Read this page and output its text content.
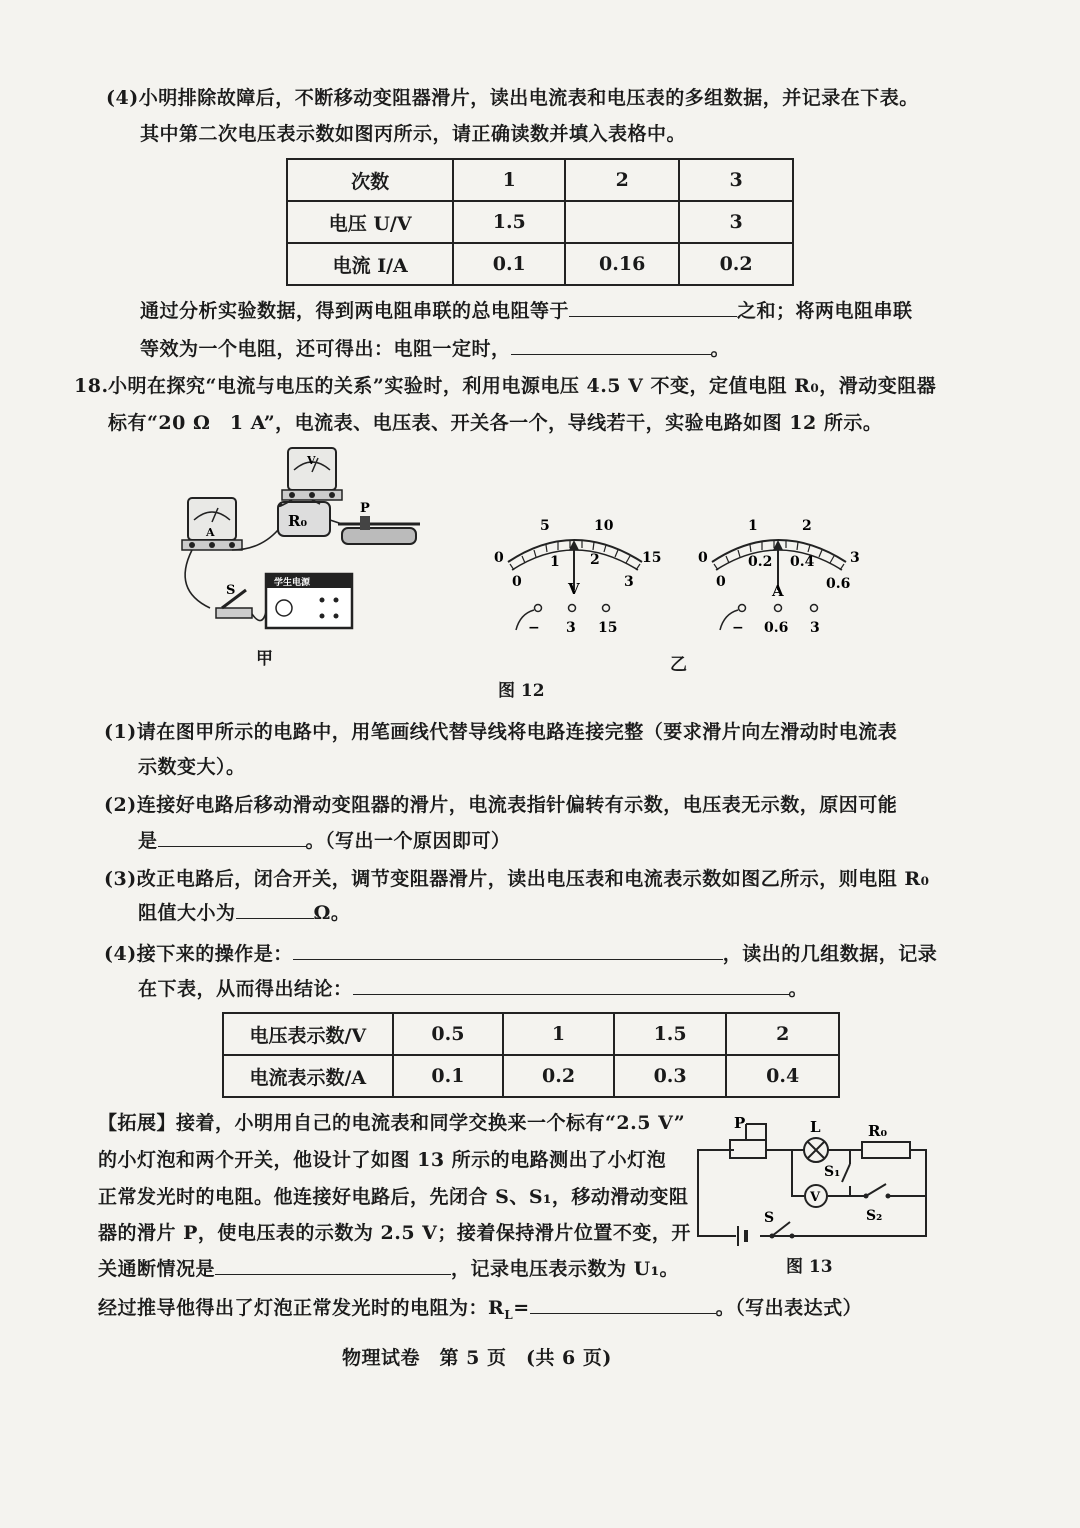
(4)小明排除故障后，不断移动变阻器滑片，读出电流表和电压表的多组数据，并记录在下表。
其中第二次电压表示数如图丙所示，请正确读数并填入表格中。
次数	1	2	3
电压 U/V	1.5		3
电流 I/A	0.1	0.16	0.2
通过分析实验数据，得到两电阻串联的总电阻等于	之和；将两电阻串联
等效为一个电阻，还可得出：电阻一定时，	。
18. 小明在探究“电流与电压的关系”实验时，利用电源电压 4.5 V 不变，定值电阻 R₀，滑动变阻器
标有“20 Ω　1 A”，电流表、电压表、开关各一个，导线若干，实验电路如图 12 所示。
A
V
R₀
P
学生电源
S
甲
0
5	10
15
0
1 2
3
V
− 3 15
0
1	2
3
0
0.2 0.4
0.6
A
− 0.6 3
乙
图 12
(1)请在图甲所示的电路中，用笔画线代替导线将电路连接完整（要求滑片向左滑动时电流表
示数变大）。
(2)连接好电路后移动滑动变阻器的滑片，电流表指针偏转有示数，电压表无示数，原因可能
是	。（写出一个原因即可）
(3)改正电路后，闭合开关，调节变阻器滑片，读出电压表和电流表示数如图乙所示，则电阻 R₀
阻值大小为	Ω。
(4)接下来的操作是：	，读出的几组数据，记录
在下表，从而得出结论：	。
电压表示数/V	0.5	1	1.5	2
电流表示数/A	0.1	0.2	0.3	0.4
【拓展】接着，小明用自己的电流表和同学交换来一个标有“2.5 V”
的小灯泡和两个开关，他设计了如图 13 所示的电路测出了小灯泡
正常发光时的电阻。他连接好电路后，先闭合 S、S₁，移动滑动变阻
器的滑片 P，使电压表的示数为 2.5 V；接着保持滑片位置不变，开
关通断情况是	，记录电压表示数为 U₁。
经过推导他得出了灯泡正常发光时的电阻为：$R_L=$	。（写出表达式）
P	L	R₀
S₁
V
S₂
S
图 13
物理试卷　第 5 页　(共 6 页)
